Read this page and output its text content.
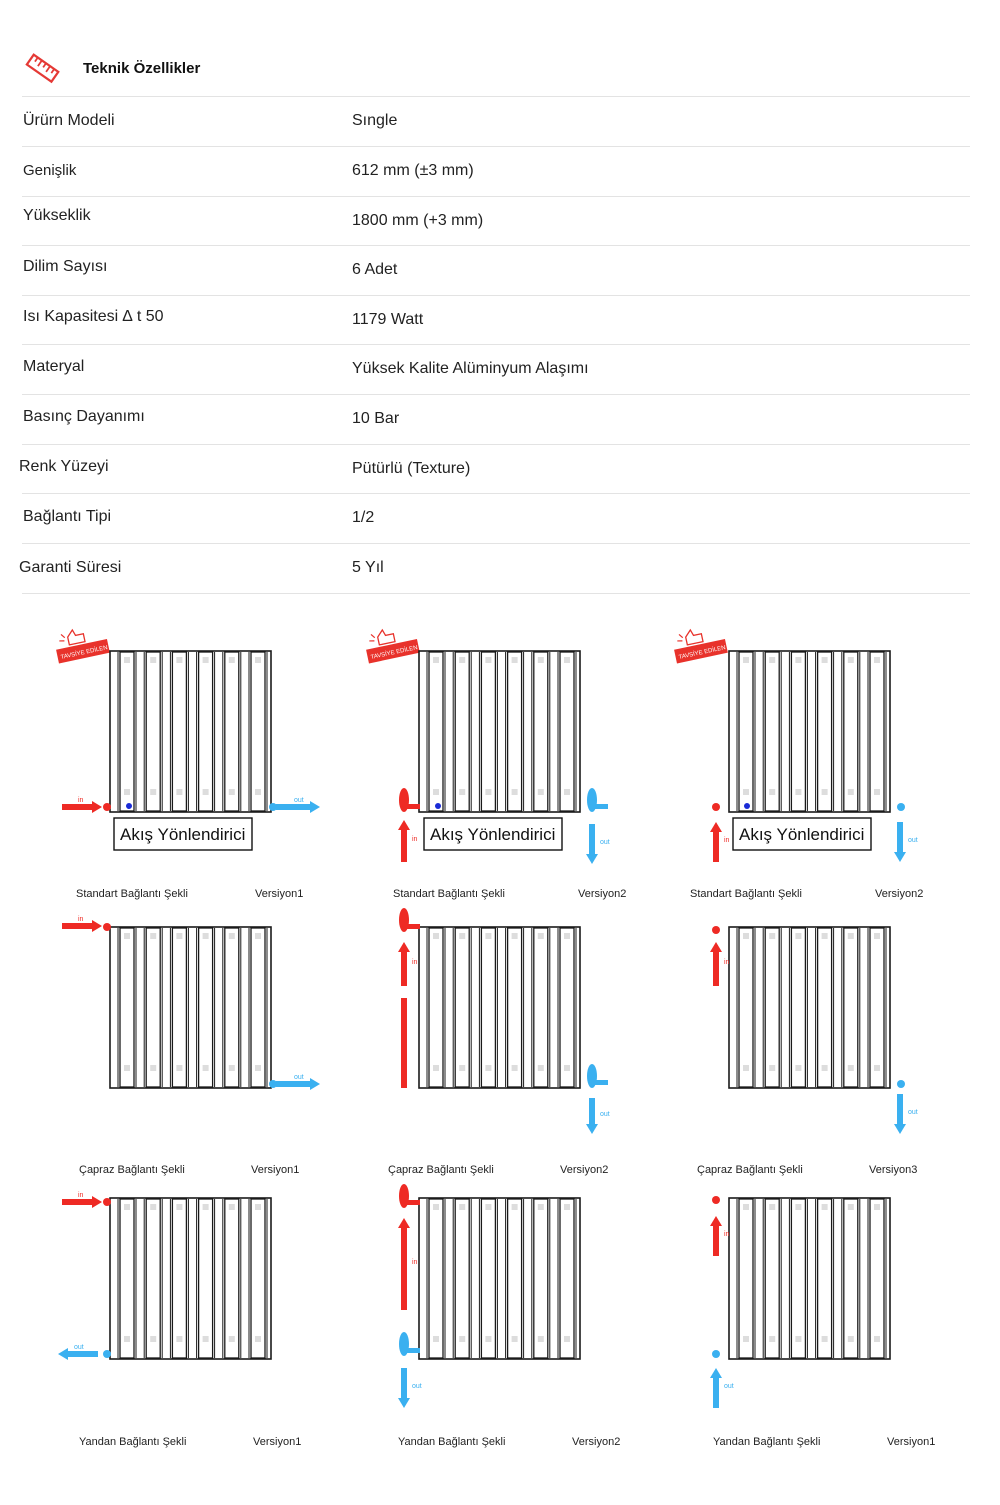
Teknik Özellikler
Ürürn Modeli	Sıngle
Genişlik	612 mm (±3 mm)
Yükseklik	1800 mm (+3 mm)
Dilim Sayısı	6 Adet
Isı Kapasitesi ∆ t 50	1179 Watt
Materyal	Yüksek Kalite Alüminyum Alaşımı
Basınç Dayanımı	10 Bar
Renk Yüzeyi	Pütürlü (Texture)
Bağlantı Tipi	1/2
Garanti Süresi	5 Yıl
TAVSİYE EDİLEN
in	out
Akış Yönlendirici
TAVSİYE EDİLEN
in	out
Akış Yönlendirici
TAVSİYE EDİLEN
in	out
Akış Yönlendirici
in
out
in
out
in
out
in
out
in
out
in
out
Standart Bağlantı Şekli	Versiyon1	Standart Bağlantı Şekli	Versiyon2	Standart Bağlantı Şekli	Versiyon2
Çapraz Bağlantı Şekli	Versiyon1	Çapraz Bağlantı Şekli	Versiyon2	Çapraz Bağlantı Şekli	Versiyon3
Yandan Bağlantı Şekli	Versiyon1	Yandan Bağlantı Şekli	Versiyon2	Yandan Bağlantı Şekli	Versiyon1
